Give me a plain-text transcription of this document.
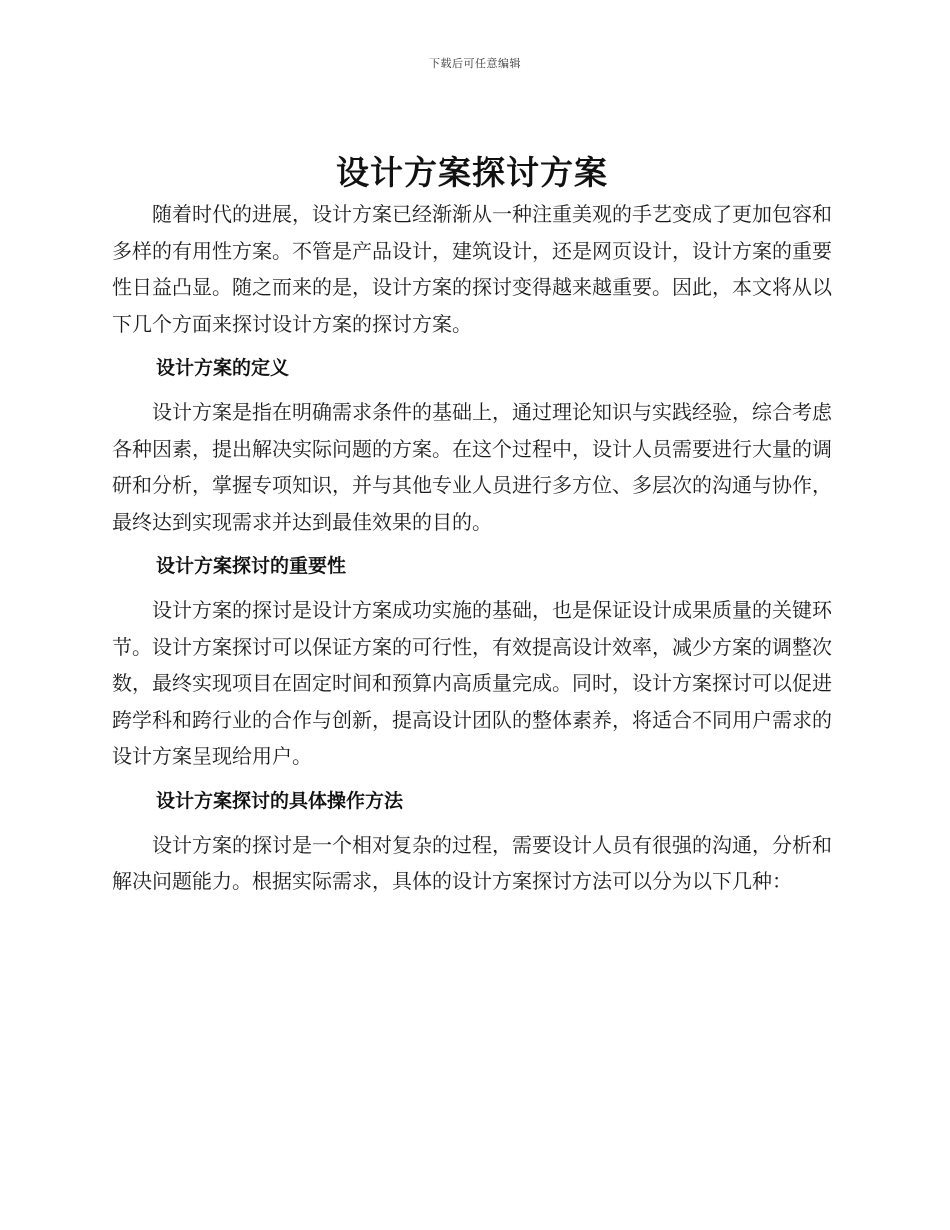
下载后可任意编辑
设计方案探讨方案

随着时代的进展，设计方案已经渐渐从一种注重美观的手艺变成了更加包容和多样的有用性方案。不管是产品设计，建筑设计，还是网页设计，设计方案的重要性日益凸显。随之而来的是，设计方案的探讨变得越来越重要。因此，本文将从以下几个方面来探讨设计方案的探讨方案。

设计方案的定义

设计方案是指在明确需求条件的基础上，通过理论知识与实践经验，综合考虑各种因素，提出解决实际问题的方案。在这个过程中，设计人员需要进行大量的调研和分析，掌握专项知识，并与其他专业人员进行多方位、多层次的沟通与协作，最终达到实现需求并达到最佳效果的目的。

设计方案探讨的重要性

设计方案的探讨是设计方案成功实施的基础，也是保证设计成果质量的关键环节。设计方案探讨可以保证方案的可行性，有效提高设计效率，减少方案的调整次数，最终实现项目在固定时间和预算内高质量完成。同时，设计方案探讨可以促进跨学科和跨行业的合作与创新，提高设计团队的整体素养，将适合不同用户需求的设计方案呈现给用户。

设计方案探讨的具体操作方法

设计方案的探讨是一个相对复杂的过程，需要设计人员有很强的沟通，分析和解决问题能力。根据实际需求，具体的设计方案探讨方法可以分为以下几种：
